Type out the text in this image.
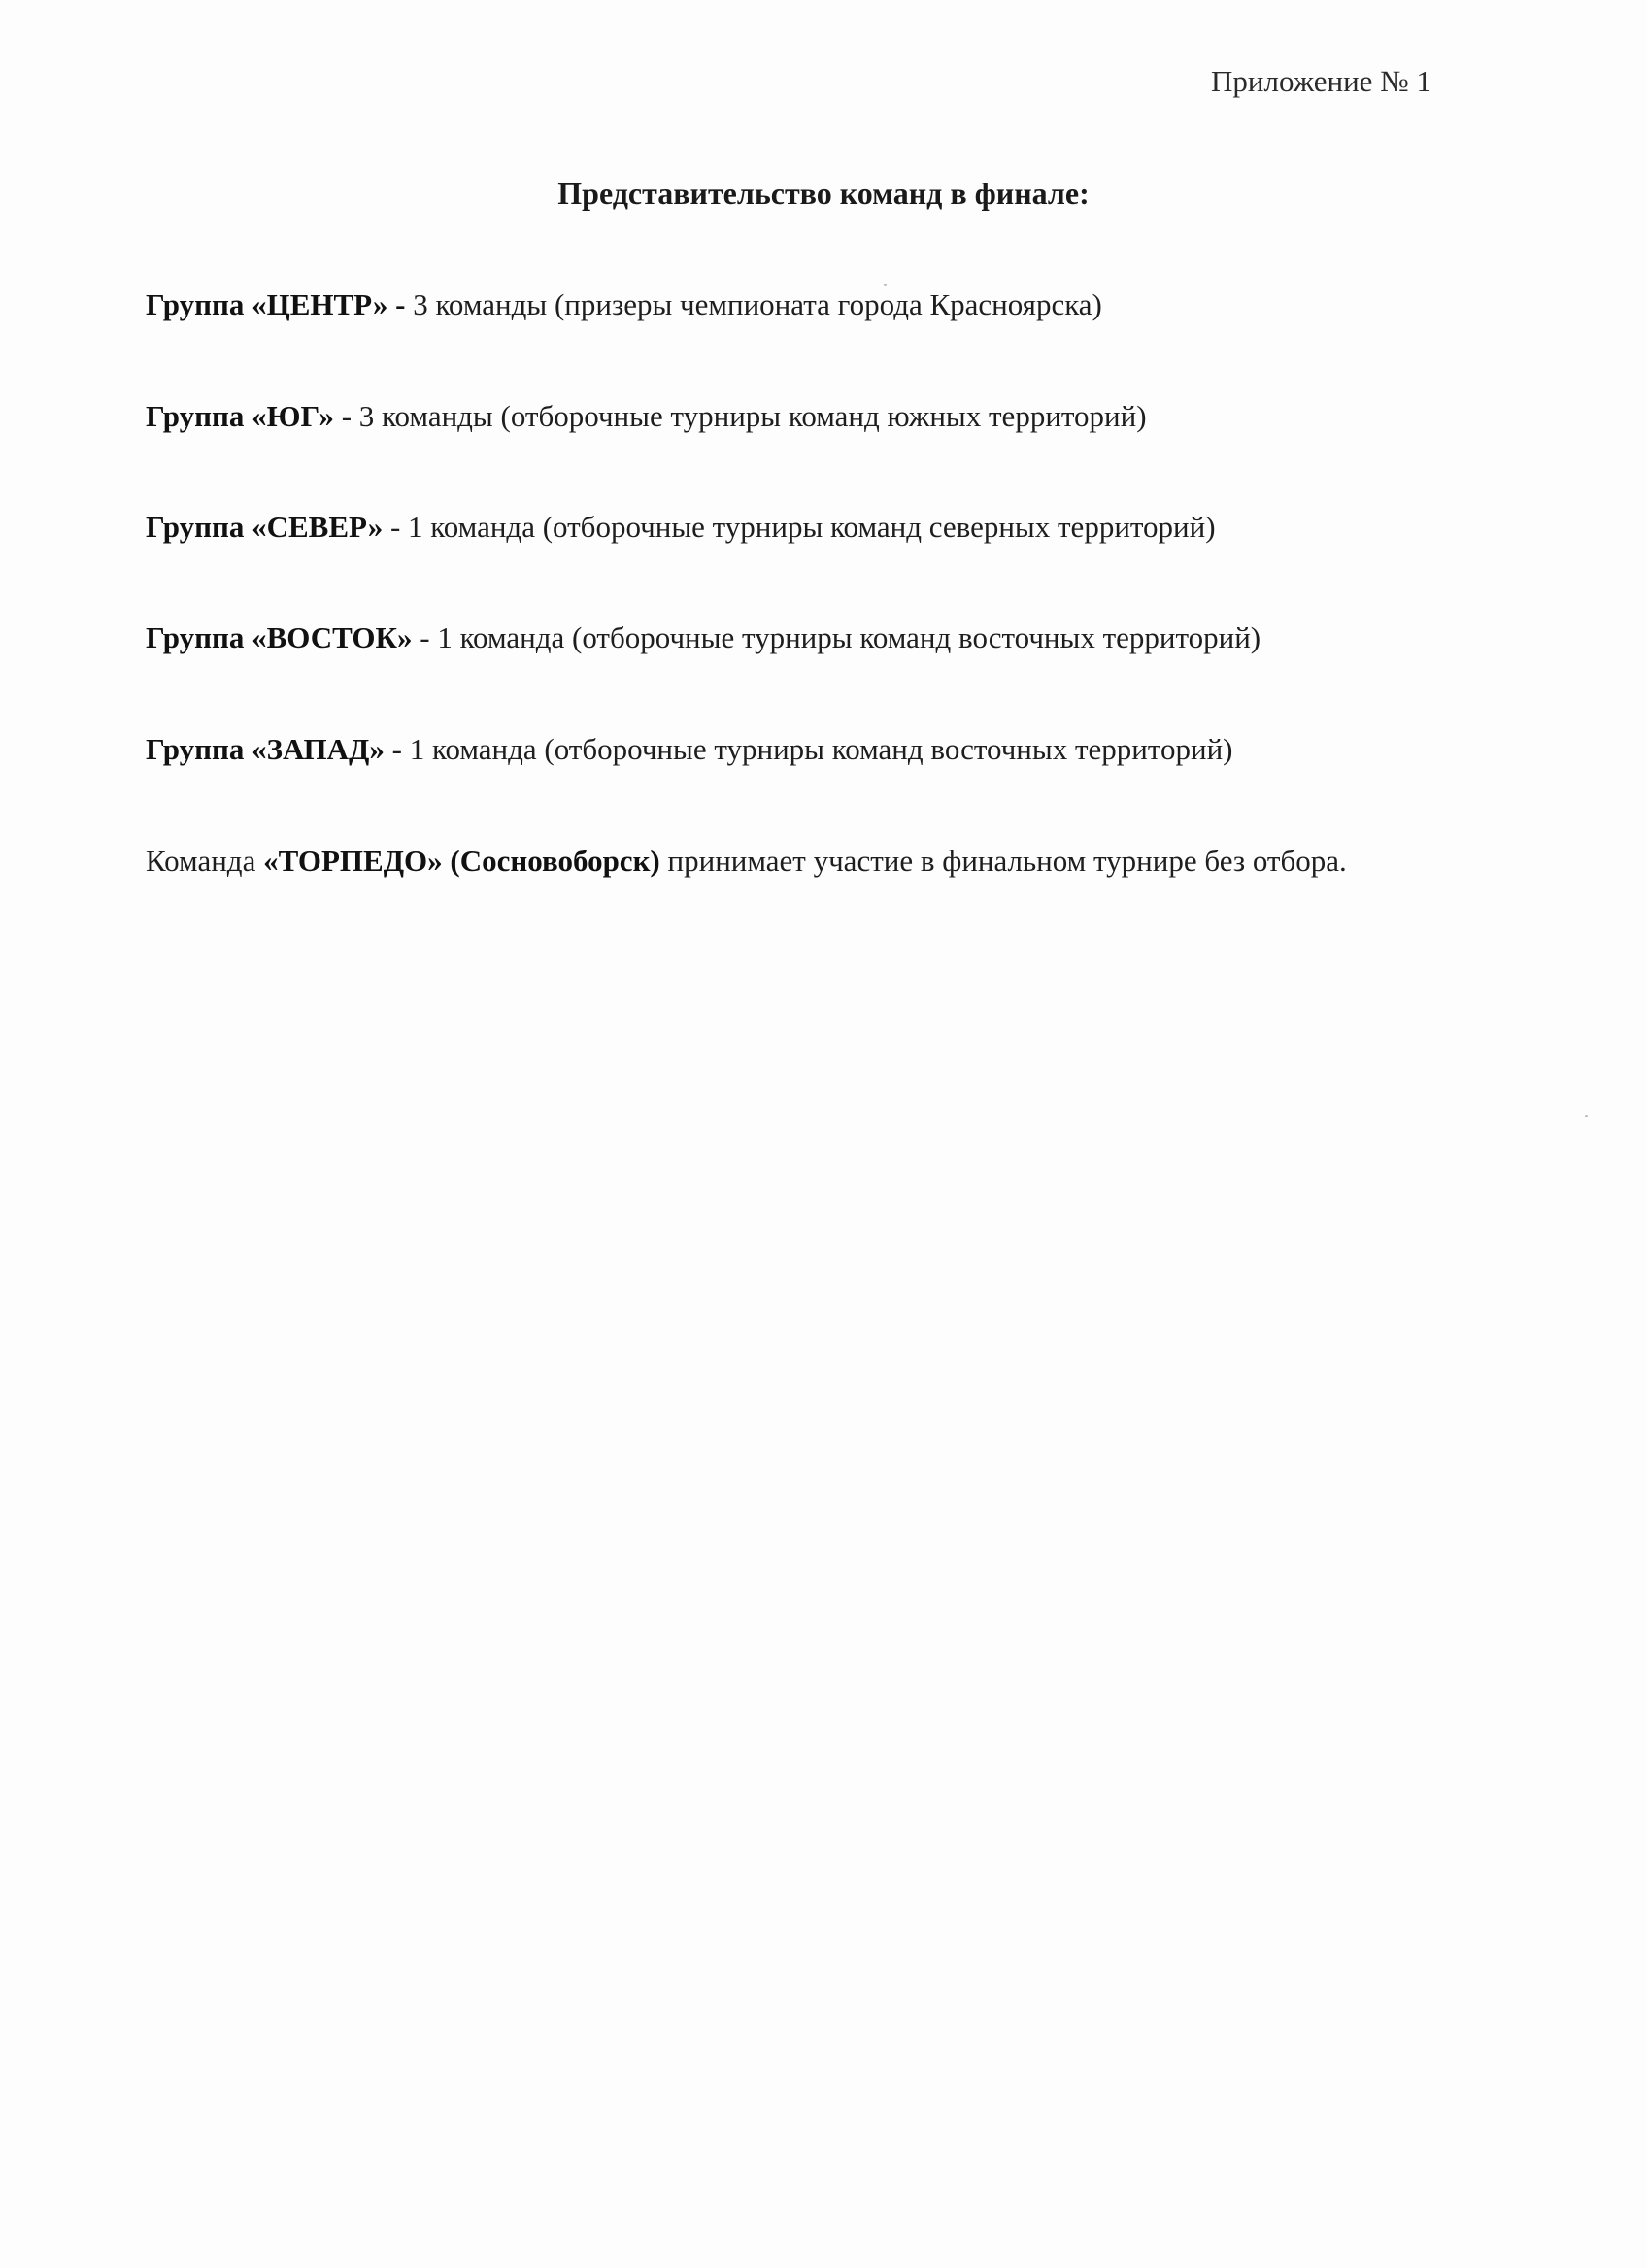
Приложение № 1
Представительство команд в финале:
Группа «ЦЕНТР» - 3 команды (призеры чемпионата города Красноярска)
Группа «ЮГ» - 3 команды (отборочные турниры команд южных территорий)
Группа «СЕВЕР» - 1 команда (отборочные турниры команд северных территорий)
Группа «ВОСТОК» - 1 команда (отборочные турниры команд восточных территорий)
Группа «ЗАПАД» - 1 команда (отборочные турниры команд восточных территорий)
Команда «ТОРПЕДО» (Сосновоборск) принимает участие в финальном турнире без отбора.
